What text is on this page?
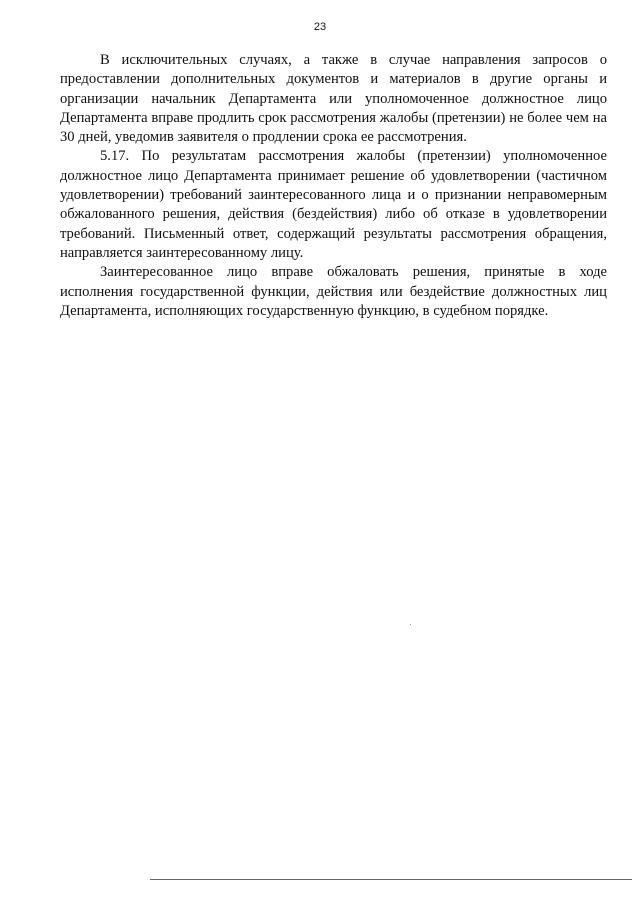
23

В исключительных случаях, а также в случае направления запросов о предоставлении дополнительных документов и материалов в другие органы и организации начальник Департамента или уполномоченное должностное лицо Департамента вправе продлить срок рассмотрения жалобы (претензии) не более чем на 30 дней, уведомив заявителя о продлении срока ее рассмотрения.

5.17. По результатам рассмотрения жалобы (претензии) уполномоченное должностное лицо Департамента принимает решение об удовлетворении (частичном удовлетворении) требований заинтересованного лица и о признании неправомерным обжалованного решения, действия (бездействия) либо об отказе в удовлетворении требований. Письменный ответ, содержащий результаты рассмотрения обращения, направляется заинтересованному лицу.

Заинтересованное лицо вправе обжаловать решения, принятые в ходе исполнения государственной функции, действия или бездействие должностных лиц Департамента, исполняющих государственную функцию, в судебном порядке.
